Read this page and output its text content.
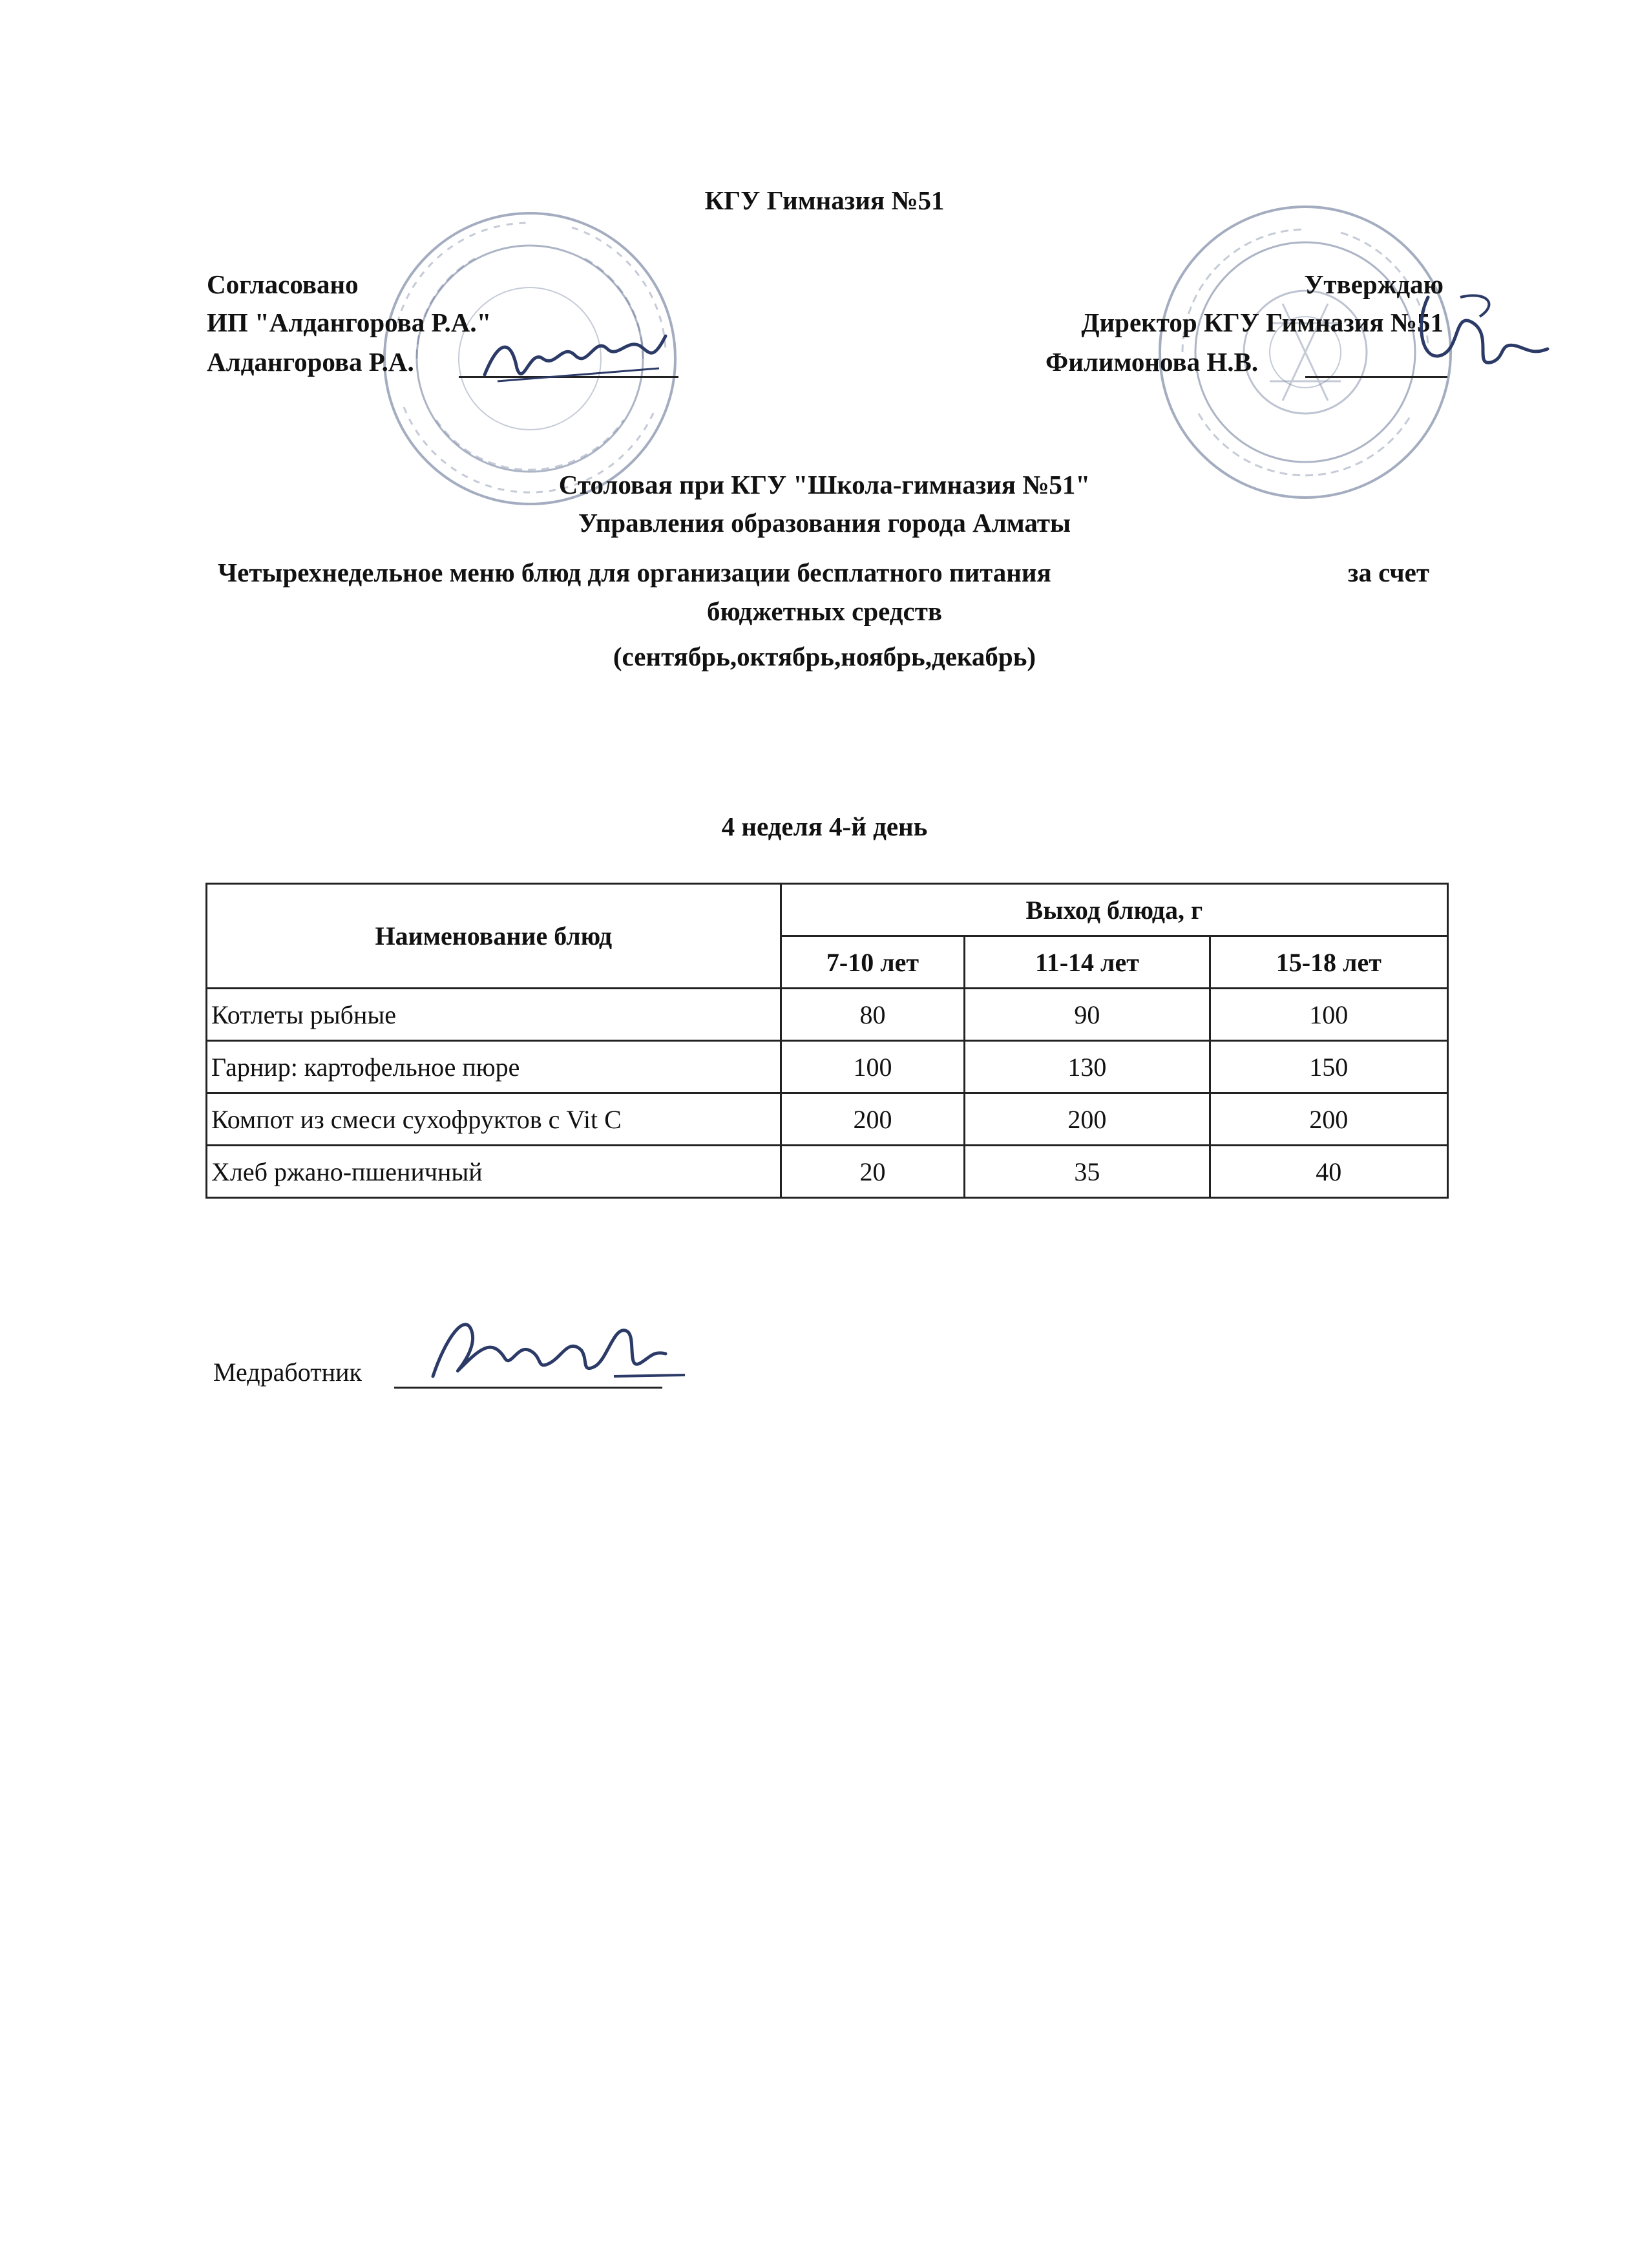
КГУ Гимназия №51
Согласовано
ИП "Алдангорова Р.А."
Алдангорова Р.А.
Утверждаю
Директор КГУ Гимназия №51
Филимонова Н.В.
Столовая при КГУ "Школа-гимназия №51"
Управления образования города Алматы
Четырехнедельное меню блюд для организации бесплатного питания	за счет
бюджетных средств
(сентябрь,октябрь,ноябрь,декабрь)
4 неделя 4-й день
Наименование блюд	Выход блюда, г		
	7-10 лет	11-14 лет	15-18 лет
Котлеты рыбные	80	90	100
Гарнир: картофельное пюре	100	130	150
Компот из смеси сухофруктов с Vit C	200	200	200
Хлеб ржано-пшеничный	20	35	40
Медработник
